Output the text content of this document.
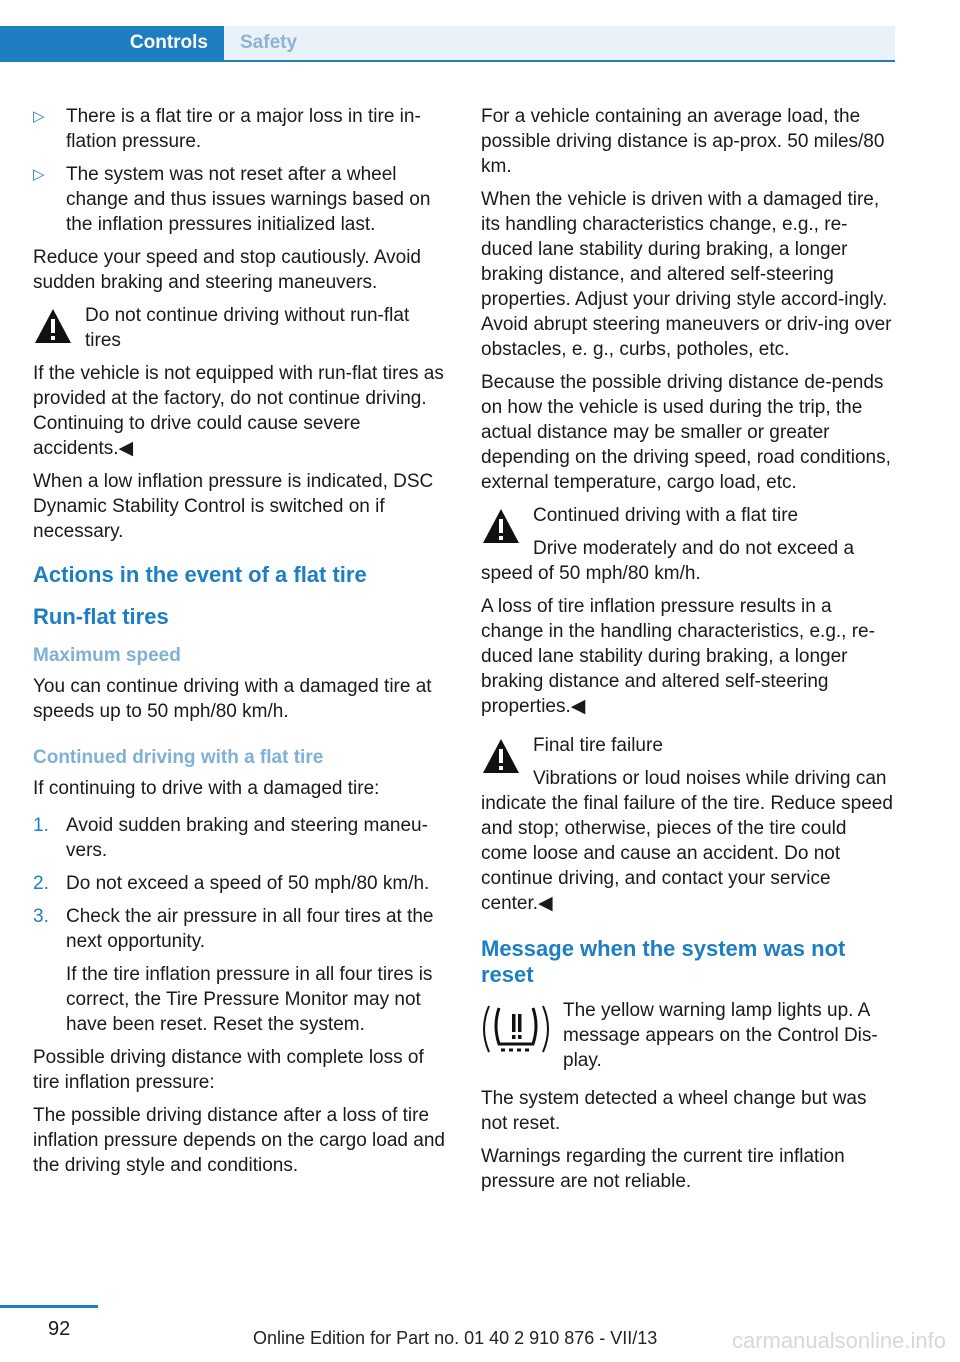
Controls	Safety
▷ There is a flat tire or a major loss in tire in‐flation pressure.
▷ The system was not reset after a wheel change and thus issues warnings based on the inflation pressures initialized last.

Reduce your speed and stop cautiously. Avoid sudden braking and steering maneuvers.

Do not continue driving without run-flat tires

If the vehicle is not equipped with run-flat tires as provided at the factory, do not continue driving. Continuing to drive could cause severe accidents.◀

When a low inflation pressure is indicated, DSC Dynamic Stability Control is switched on if necessary.

Actions in the event of a flat tire
Run-flat tires
Maximum speed

You can continue driving with a damaged tire at speeds up to 50 mph/80 km/h.

Continued driving with a flat tire

If continuing to drive with a damaged tire:

1. Avoid sudden braking and steering maneu‐vers.
2. Do not exceed a speed of 50 mph/80 km/h.
3. Check the air pressure in all four tires at the next opportunity.

If the tire inflation pressure in all four tires is correct, the Tire Pressure Monitor may not have been reset. Reset the system.

Possible driving distance with complete loss of tire inflation pressure:

The possible driving distance after a loss of tire inflation pressure depends on the cargo load and the driving style and conditions.

For a vehicle containing an average load, the possible driving distance is ap‐prox. 50 miles/80 km.

When the vehicle is driven with a damaged tire, its handling characteristics change, e.g., re‐duced lane stability during braking, a longer braking distance, and altered self-steering properties. Adjust your driving style accord‐ingly. Avoid abrupt steering maneuvers or driv‐ing over obstacles, e. g., curbs, potholes, etc.

Because the possible driving distance de‐pends on how the vehicle is used during the trip, the actual distance may be smaller or greater depending on the driving speed, road conditions, external temperature, cargo load, etc.

Continued driving with a flat tire
Drive moderately and do not exceed a speed of 50 mph/80 km/h.

A loss of tire inflation pressure results in a change in the handling characteristics, e.g., re‐duced lane stability during braking, a longer braking distance and altered self-steering properties.◀

Final tire failure
Vibrations or loud noises while driving can indicate the final failure of the tire. Reduce speed and stop; otherwise, pieces of the tire could come loose and cause an accident. Do not continue driving, and contact your service center.◀
Message when the system was not reset
The yellow warning lamp lights up. A message appears on the Control Dis‐play.

The system detected a wheel change but was not reset.

Warnings regarding the current tire inflation pressure are not reliable.

92	Online Edition for Part no. 01 40 2 910 876 - VII/13	carmanualsonline.info
